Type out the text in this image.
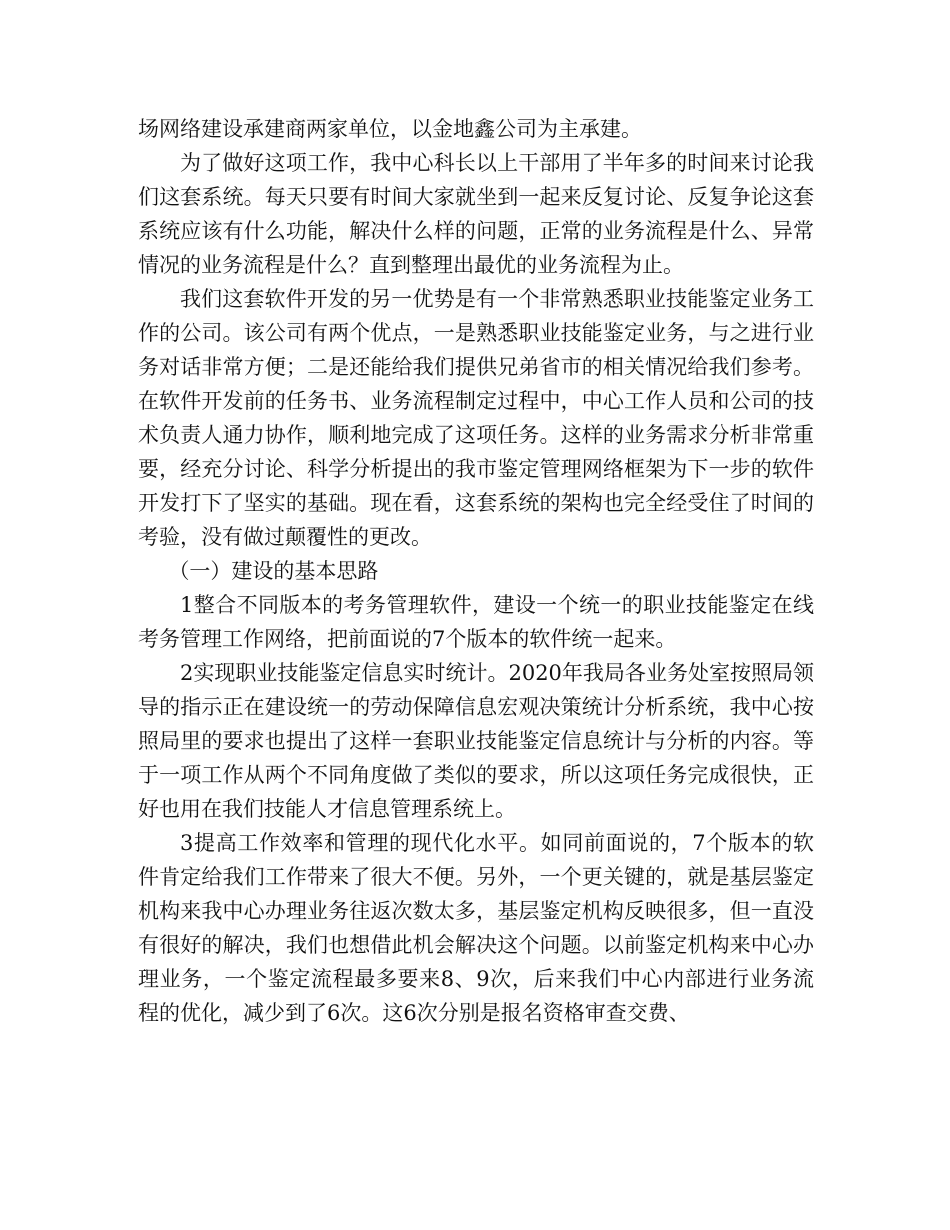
场网络建设承建商两家单位，以金地鑫公司为主承建。

为了做好这项工作，我中心科长以上干部用了半年多的时间来讨论我们这套系统。每天只要有时间大家就坐到一起来反复讨论、反复争论这套系统应该有什么功能，解决什么样的问题，正常的业务流程是什么、异常情况的业务流程是什么？直到整理出最优的业务流程为止。

我们这套软件开发的另一优势是有一个非常熟悉职业技能鉴定业务工作的公司。该公司有两个优点，一是熟悉职业技能鉴定业务，与之进行业务对话非常方便；二是还能给我们提供兄弟省市的相关情况给我们参考。在软件开发前的任务书、业务流程制定过程中，中心工作人员和公司的技术负责人通力协作，顺利地完成了这项任务。这样的业务需求分析非常重要，经充分讨论、科学分析提出的我市鉴定管理网络框架为下一步的软件开发打下了坚实的基础。现在看，这套系统的架构也完全经受住了时间的考验，没有做过颠覆性的更改。

（一）建设的基本思路

1整合不同版本的考务管理软件，建设一个统一的职业技能鉴定在线考务管理工作网络，把前面说的7个版本的软件统一起来。

2实现职业技能鉴定信息实时统计。2020年我局各业务处室按照局领导的指示正在建设统一的劳动保障信息宏观决策统计分析系统，我中心按照局里的要求也提出了这样一套职业技能鉴定信息统计与分析的内容。等于一项工作从两个不同角度做了类似的要求，所以这项任务完成很快，正好也用在我们技能人才信息管理系统上。

3提高工作效率和管理的现代化水平。如同前面说的，7个版本的软件肯定给我们工作带来了很大不便。另外，一个更关键的，就是基层鉴定机构来我中心办理业务往返次数太多，基层鉴定机构反映很多，但一直没有很好的解决，我们也想借此机会解决这个问题。以前鉴定机构来中心办理业务，一个鉴定流程最多要来8、9次，后来我们中心内部进行业务流程的优化，减少到了6次。这6次分别是报名资格审查交费、
